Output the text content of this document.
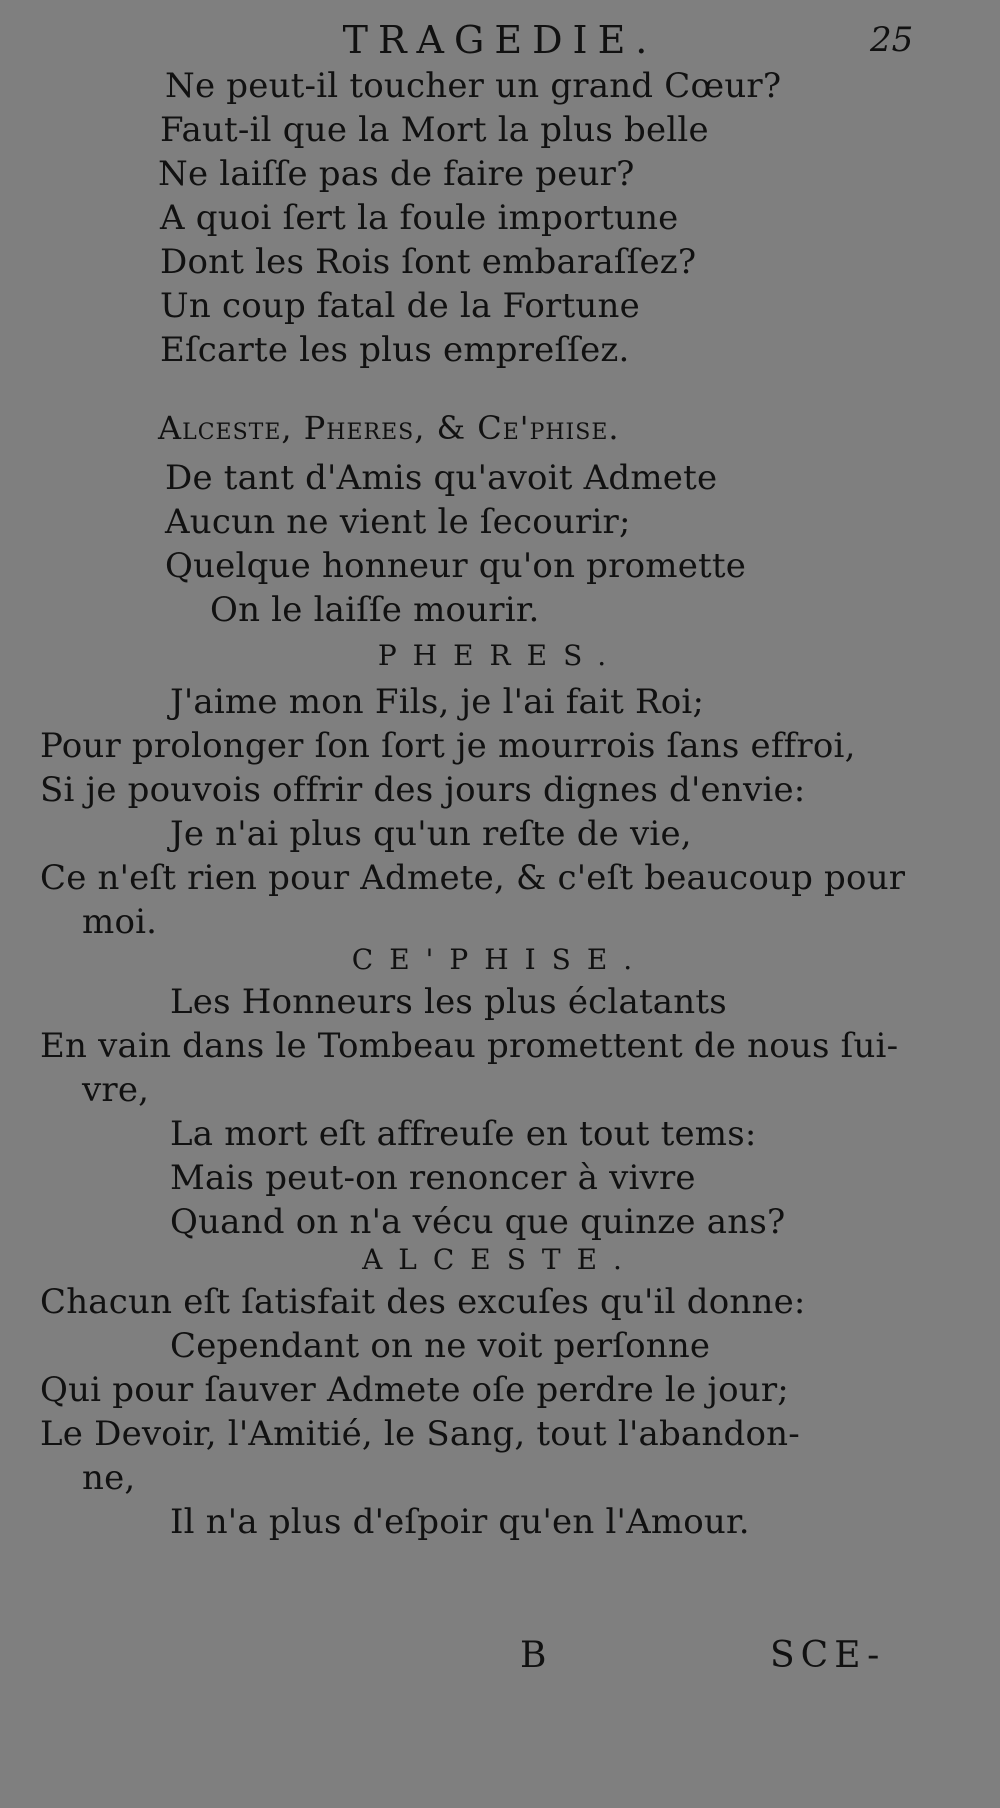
TRAGEDIE.	25
Ne peut-il toucher un grand Cœur?
Faut-il que la Mort la plus belle
Ne laiſſe pas de faire peur?
A quoi ſert la foule importune
Dont les Rois ſont embaraſſez?
Un coup fatal de la Fortune
Eſcarte les plus empreſſez.
Alceste, Pheres, & Ce'phise.
De tant d'Amis qu'avoit Admete
Aucun ne vient le ſecourir;
Quelque honneur qu'on promette
On le laiſſe mourir.
PHERES.
J'aime mon Fils, je l'ai fait Roi;
Pour prolonger ſon ſort je mourrois ſans effroi,
Si je pouvois offrir des jours dignes d'envie:
Je n'ai plus qu'un reſte de vie,
Ce n'eſt rien pour Admete, & c'eſt beaucoup pour
moi.
CE'PHISE.
Les Honneurs les plus éclatants
En vain dans le Tombeau promettent de nous ſui-
vre,
La mort eſt affreuſe en tout tems:
Mais peut-on renoncer à vivre
Quand on n'a vécu que quinze ans?
ALCESTE.
Chacun eſt ſatisfait des excuſes qu'il donne:
Cependant on ne voit perſonne
Qui pour ſauver Admete oſe perdre le jour;
Le Devoir, l'Amitié, le Sang, tout l'abandon-
ne,
Il n'a plus d'eſpoir qu'en l'Amour.
B	SCE-
